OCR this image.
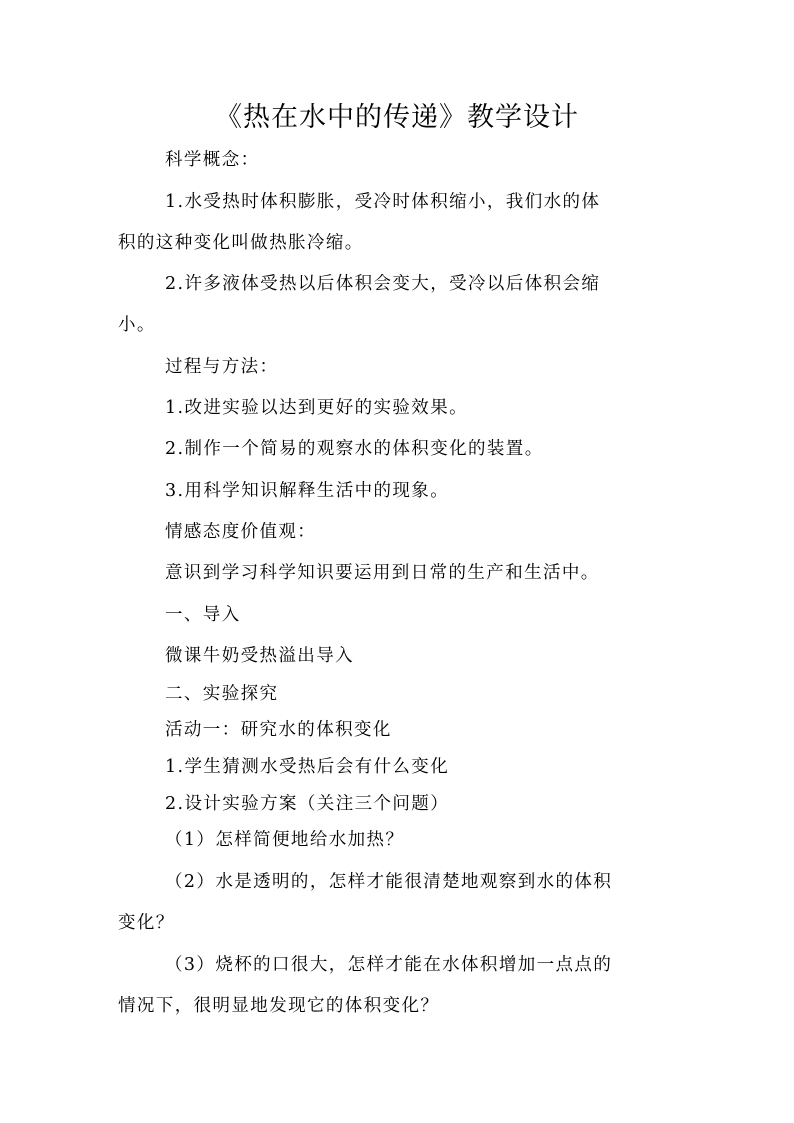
《热在水中的传递》教学设计
科学概念：
1.水受热时体积膨胀，受冷时体积缩小，我们水的体
积的这种变化叫做热胀冷缩。
2.许多液体受热以后体积会变大，受冷以后体积会缩
小。
过程与方法：
1.改进实验以达到更好的实验效果。
2.制作一个简易的观察水的体积变化的装置。
3.用科学知识解释生活中的现象。
情感态度价值观：
意识到学习科学知识要运用到日常的生产和生活中。
一、导入
微课牛奶受热溢出导入
二、实验探究
活动一：研究水的体积变化
1.学生猜测水受热后会有什么变化
2.设计实验方案（关注三个问题）
（1）怎样简便地给水加热？
（2）水是透明的，怎样才能很清楚地观察到水的体积
变化？
（3）烧杯的口很大，怎样才能在水体积增加一点点的
情况下，很明显地发现它的体积变化？
